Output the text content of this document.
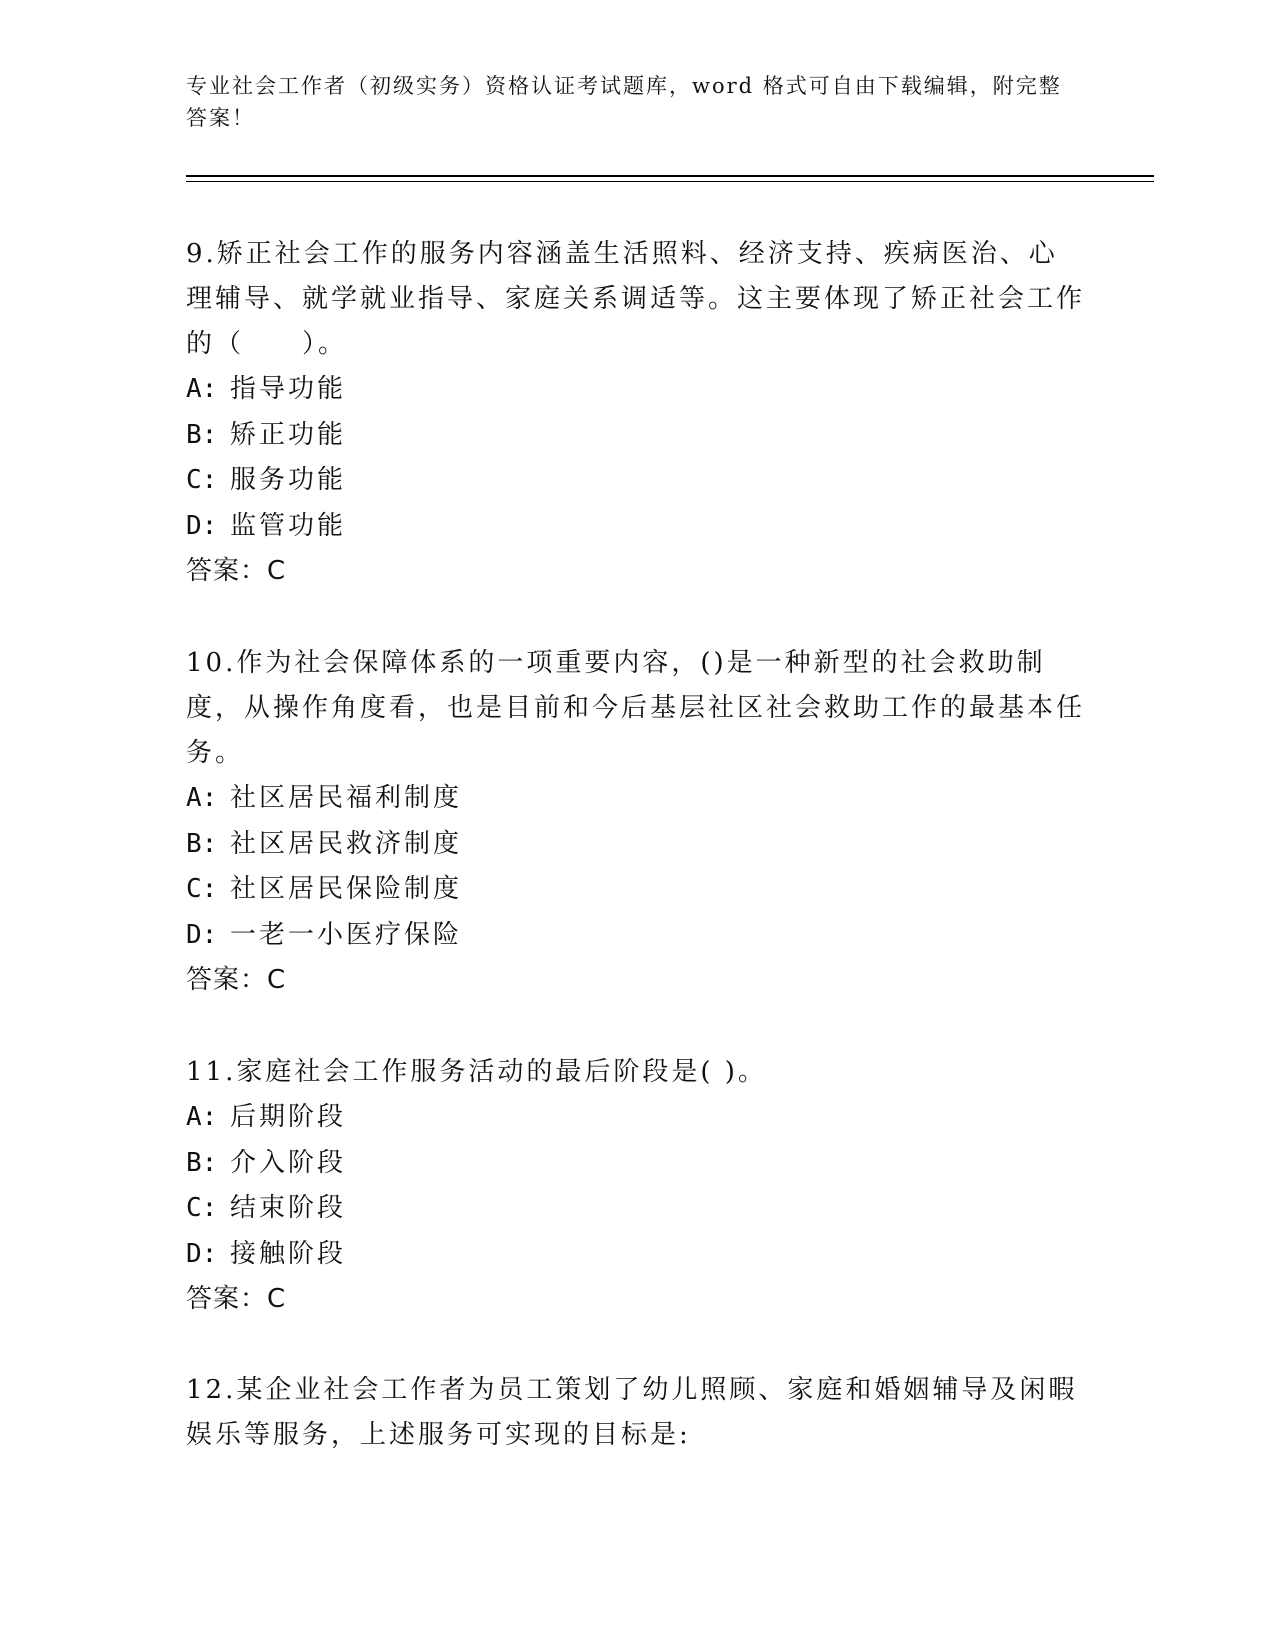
专业社会工作者（初级实务）资格认证考试题库，word 格式可自由下载编辑，附完整答案！
9.矫正社会工作的服务内容涵盖生活照料、经济支持、疾病医治、心理辅导、就学就业指导、家庭关系调适等。这主要体现了矫正社会工作的（　　）。
A: 指导功能
B: 矫正功能
C: 服务功能
D: 监管功能
答案：C
10.作为社会保障体系的一项重要内容，()是一种新型的社会救助制度，从操作角度看，也是目前和今后基层社区社会救助工作的最基本任务。
A: 社区居民福利制度
B: 社区居民救济制度
C: 社区居民保险制度
D: 一老一小医疗保险
答案：C
11.家庭社会工作服务活动的最后阶段是( )。
A: 后期阶段
B: 介入阶段
C: 结束阶段
D: 接触阶段
答案：C
12.某企业社会工作者为员工策划了幼儿照顾、家庭和婚姻辅导及闲暇娱乐等服务，上述服务可实现的目标是:
